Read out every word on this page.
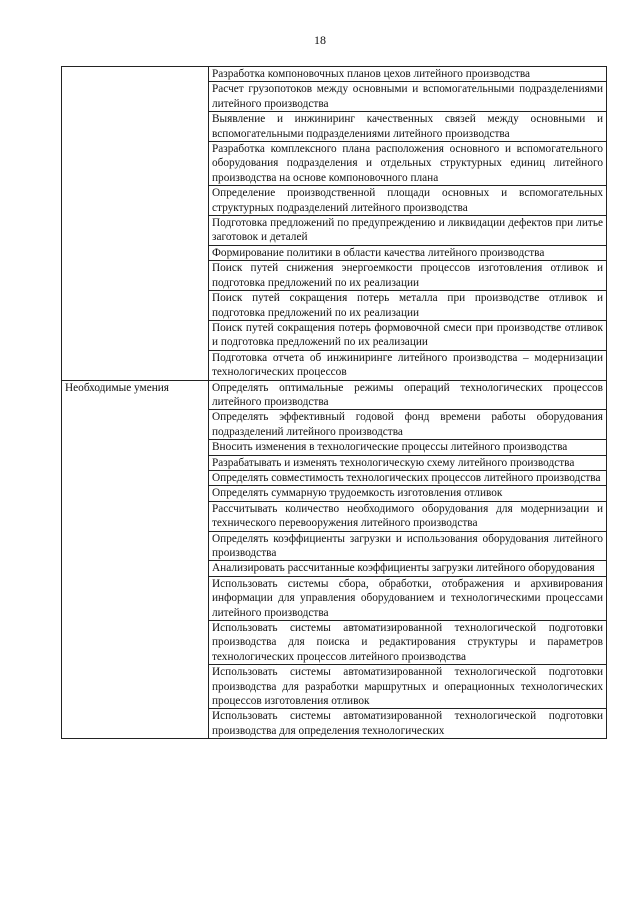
18
	Разработка компоновочных планов цехов литейного производства
	Расчет грузопотоков между основными и вспомогательными подразделениями литейного производства
	Выявление и инжиниринг качественных связей между основными и вспомогательными подразделениями литейного производства
	Разработка комплексного плана расположения основного и вспомогательного оборудования подразделения и отдельных структурных единиц литейного производства на основе компоновочного плана
	Определение производственной площади основных и вспомогательных структурных подразделений литейного производства
	Подготовка предложений по предупреждению и ликвидации дефектов при литье заготовок и деталей
	Формирование политики в области качества литейного производства
	Поиск путей снижения энергоемкости процессов изготовления отливок и подготовка предложений по их реализации
	Поиск путей сокращения потерь металла при производстве отливок и подготовка предложений по их реализации
	Поиск путей сокращения потерь формовочной смеси при производстве отливок и подготовка предложений по их реализации
	Подготовка отчета об инжиниринге литейного производства – модернизации технологических процессов
Необходимые умения	Определять оптимальные режимы операций технологических процессов литейного производства
	Определять эффективный годовой фонд времени работы оборудования подразделений литейного производства
	Вносить изменения в технологические процессы литейного производства
	Разрабатывать и изменять технологическую схему литейного производства
	Определять совместимость технологических процессов литейного производства
	Определять суммарную трудоемкость изготовления отливок
	Рассчитывать количество необходимого оборудования для модернизации и технического перевооружения литейного производства
	Определять коэффициенты загрузки и использования оборудования литейного производства
	Анализировать рассчитанные коэффициенты загрузки литейного оборудования
	Использовать системы сбора, обработки, отображения и архивирования информации для управления оборудованием и технологическими процессами литейного производства
	Использовать системы автоматизированной технологической подготовки производства для поиска и редактирования структуры и параметров технологических процессов литейного производства
	Использовать системы автоматизированной технологической подготовки производства для разработки маршрутных и операционных технологических процессов изготовления отливок
	Использовать системы автоматизированной технологической подготовки производства для определения технологических
